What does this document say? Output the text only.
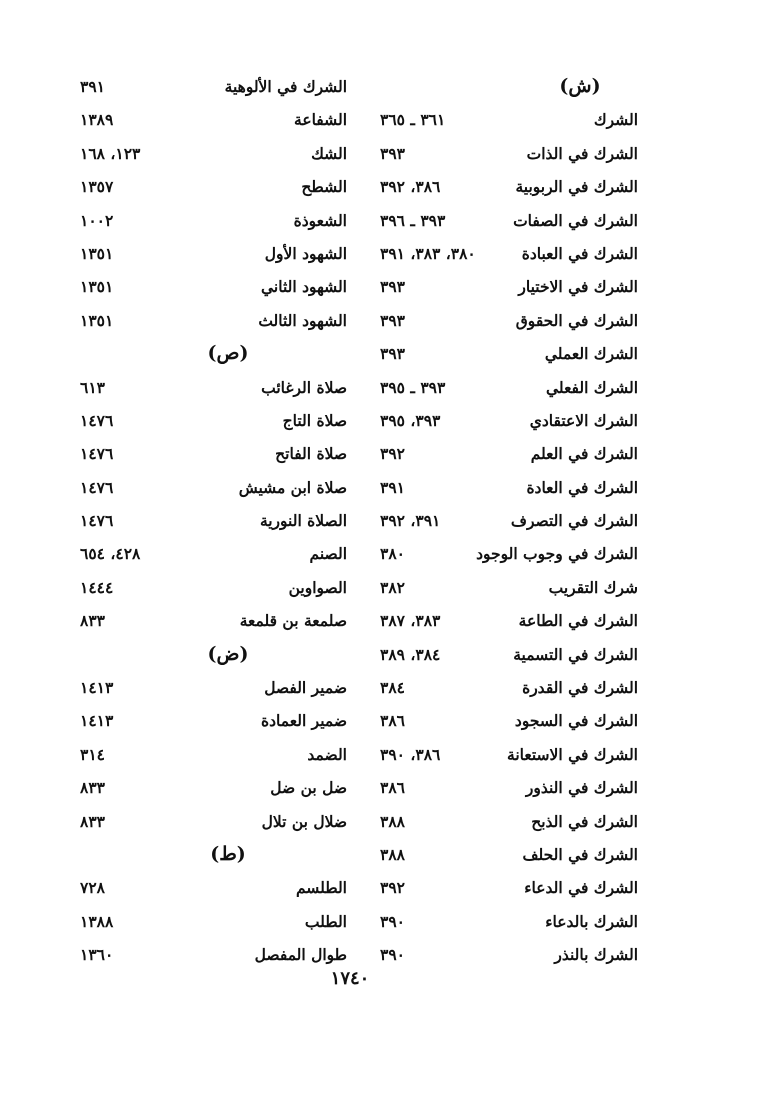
(ش)
الشرك
٣٦١ ـ ٣٦٥
الشرك في الذات
٣٩٣
الشرك في الربوبية
٣٨٦، ٣٩٢
الشرك في الصفات
٣٩٣ ـ ٣٩٦
الشرك في العبادة
٣٨٠، ٣٨٣، ٣٩١
الشرك في الاختيار
٣٩٣
الشرك في الحقوق
٣٩٣
الشرك العملي
٣٩٣
الشرك الفعلي
٣٩٣ ـ ٣٩٥
الشرك الاعتقادي
٣٩٣، ٣٩٥
الشرك في العلم
٣٩٢
الشرك في العادة
٣٩١
الشرك في التصرف
٣٩١، ٣٩٢
الشرك في وجوب الوجود
٣٨٠
شرك التقريب
٣٨٢
الشرك في الطاعة
٣٨٣، ٣٨٧
الشرك في التسمية
٣٨٤، ٣٨٩
الشرك في القدرة
٣٨٤
الشرك في السجود
٣٨٦
الشرك في الاستعانة
٣٨٦، ٣٩٠
الشرك في النذور
٣٨٦
الشرك في الذبح
٣٨٨
الشرك في الحلف
٣٨٨
الشرك في الدعاء
٣٩٢
الشرك بالدعاء
٣٩٠
الشرك بالنذر
٣٩٠
الشرك في الألوهية
٣٩١
الشفاعة
١٣٨٩
الشك
١٢٣، ١٦٨
الشطح
١٣٥٧
الشعوذة
١٠٠٢
الشهود الأول
١٣٥١
الشهود الثاني
١٣٥١
الشهود الثالث
١٣٥١
(ص)
صلاة الرغائب
٦١٣
صلاة التاج
١٤٧٦
صلاة الفاتح
١٤٧٦
صلاة ابن مشيش
١٤٧٦
الصلاة النورية
١٤٧٦
الصنم
٤٢٨، ٦٥٤
الصواوين
١٤٤٤
صلمعة بن قلمعة
٨٣٣
(ض)
ضمير الفصل
١٤١٣
ضمير العمادة
١٤١٣
الضمد
٣١٤
ضل بن ضل
٨٣٣
ضلال بن تلال
٨٣٣
(ط)
الطلسم
٧٢٨
الطلب
١٣٨٨
طوال المفصل
١٣٦٠
١٧٤٠
